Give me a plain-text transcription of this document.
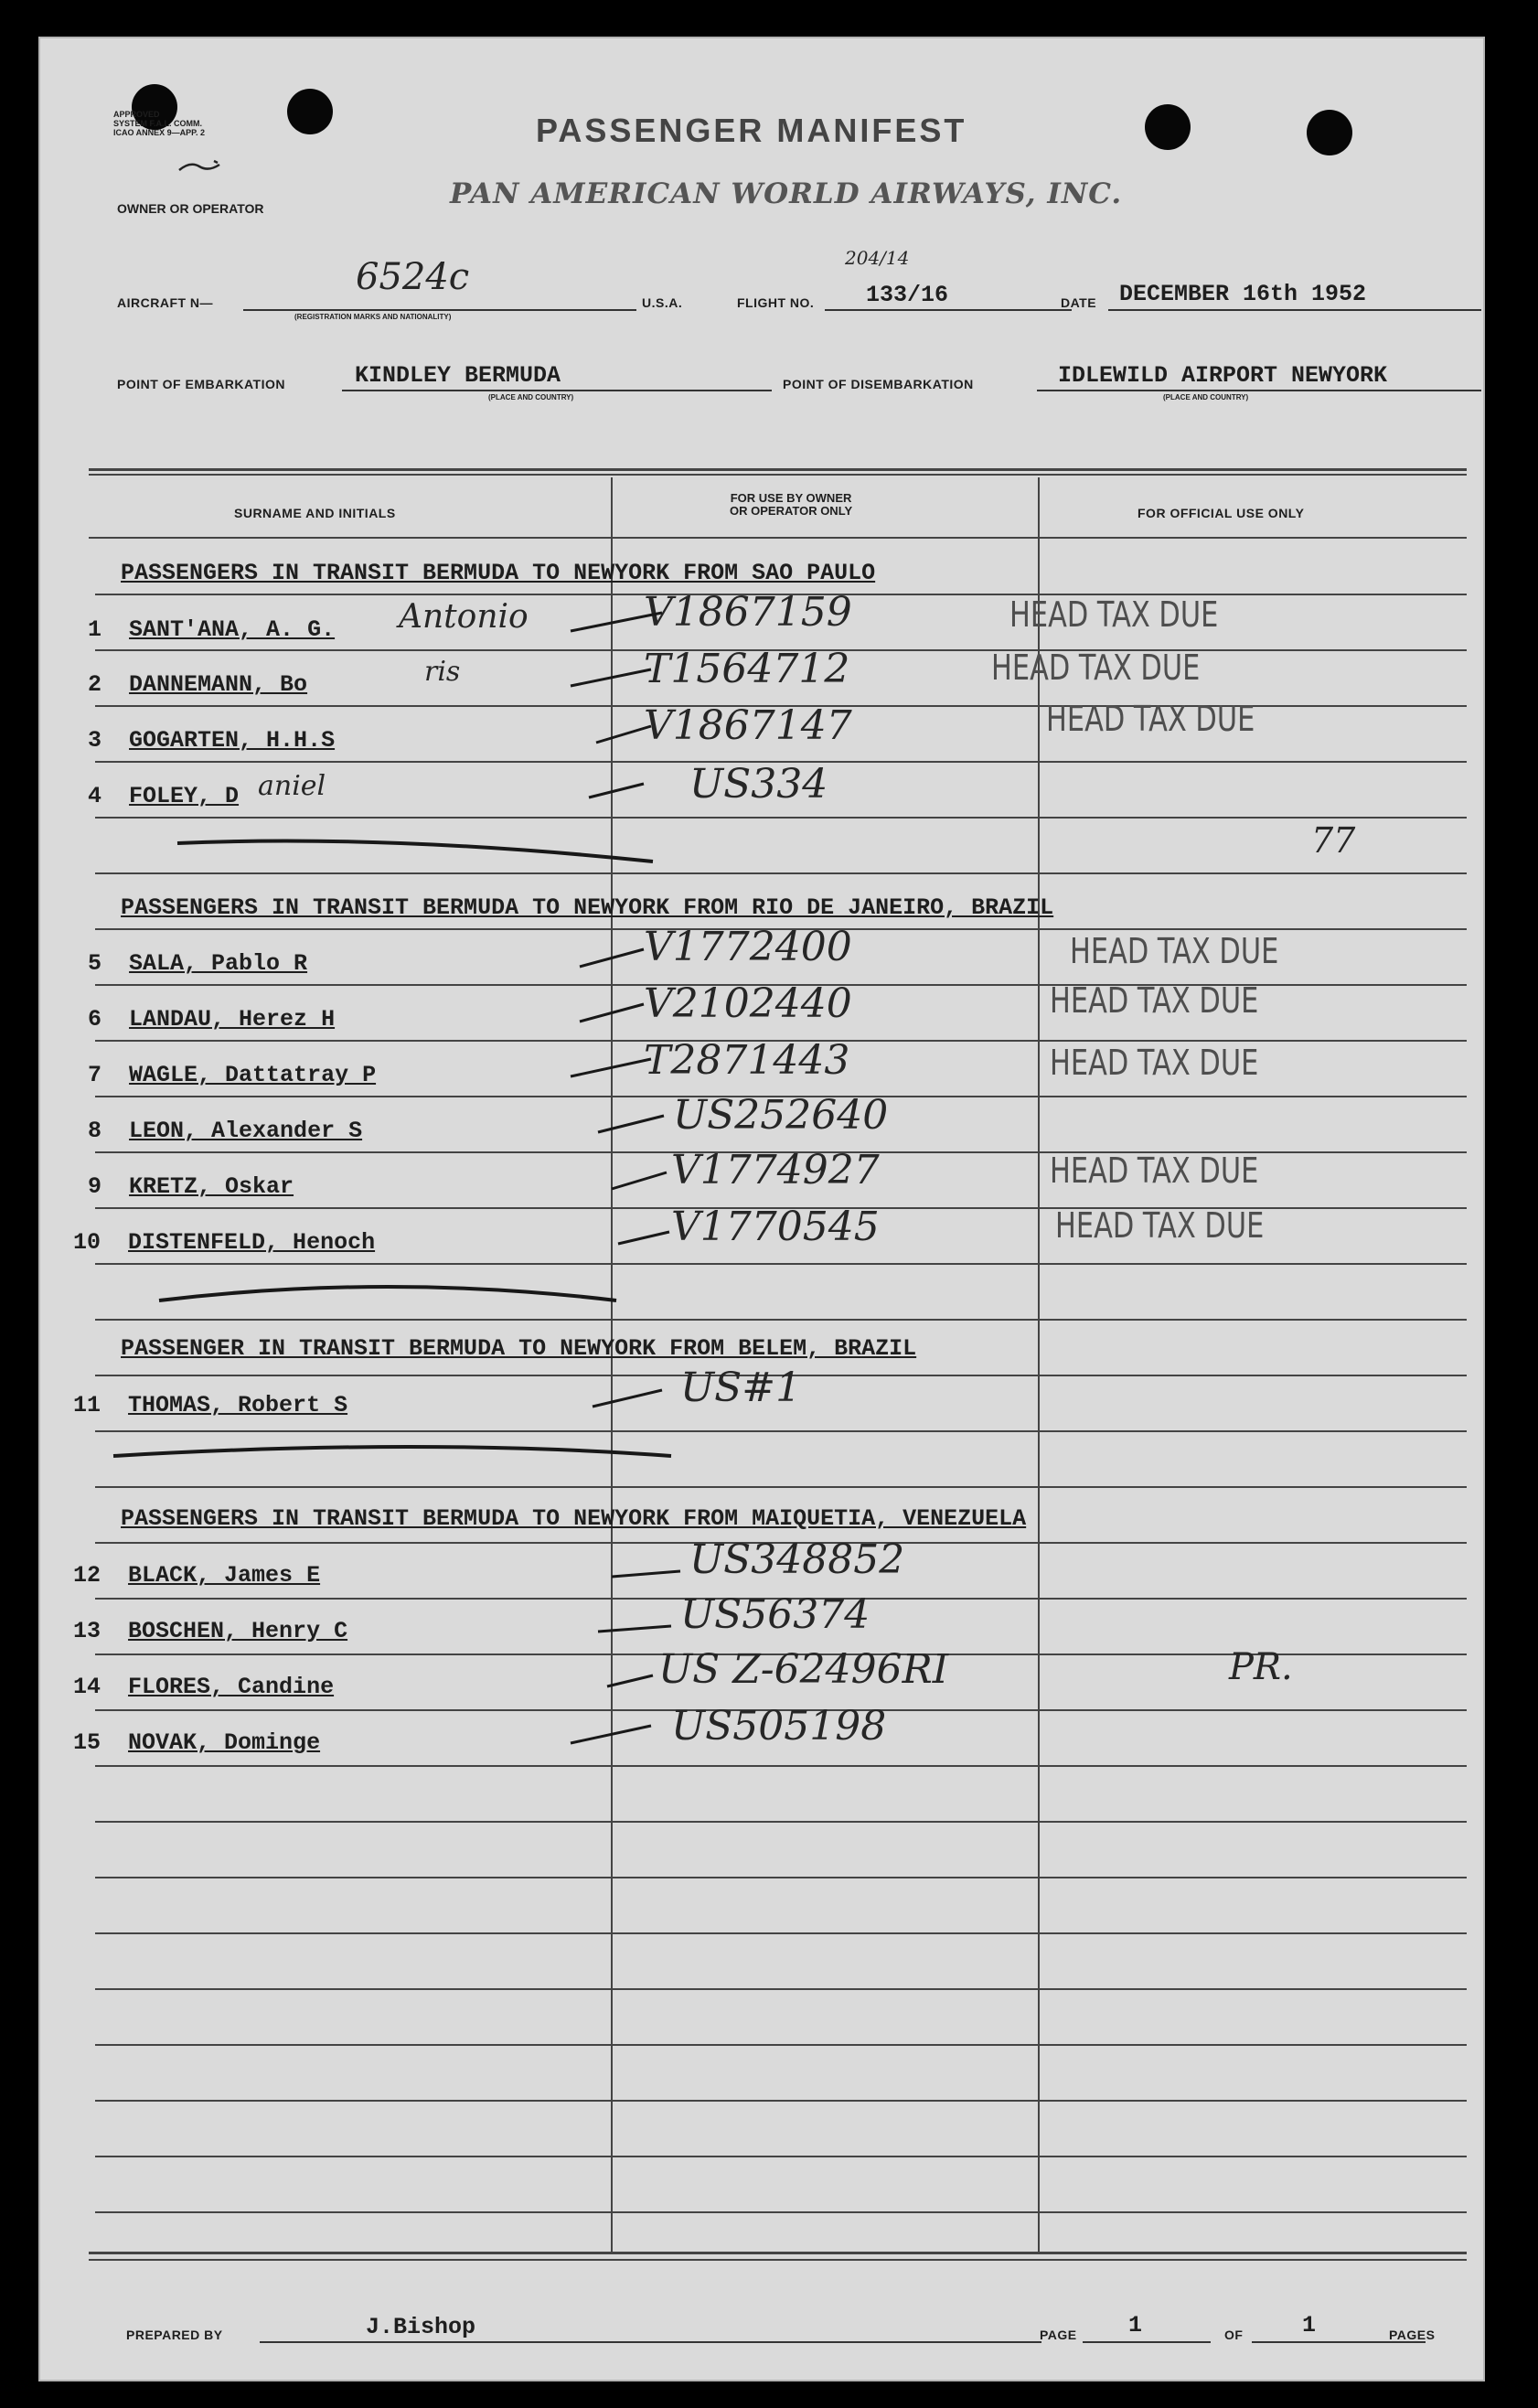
APPROVED
SYSTEM F.A.L. COMM.
ICAO ANNEX 9—APP. 2
OWNER OR OPERATOR
PASSENGER MANIFEST
PAN AMERICAN WORLD AIRWAYS, INC.
AIRCRAFT N—
6524c
(REGISTRATION MARKS AND NATIONALITY)
U.S.A.	FLIGHT NO.
204/14
133/16	DATE DECEMBER 16th 1952
POINT OF EMBARKATION	KINDLEY BERMUDA
(PLACE AND COUNTRY)
POINT OF DISEMBARKATION	IDLEWILD AIRPORT NEWYORK
(PLACE AND COUNTRY)
SURNAME AND INITIALS
FOR USE BY OWNER
OR OPERATOR ONLY	FOR OFFICIAL USE ONLY
PASSENGERS IN TRANSIT BERMUDA TO NEWYORK FROM SAO PAULO
1 SANT'ANA, A. G. Antonio	V1867159	HEAD TAX DUE
2 DANNEMANN, Bo	ris	T1564712	HEAD TAX DUE
3 GOGARTEN, H.H.S	V1867147	HEAD TAX DUE
4 FOLEY, D aniel	US334
77
PASSENGERS IN TRANSIT BERMUDA TO NEWYORK FROM RIO DE JANEIRO, BRAZIL
5 SALA, Pablo R	V1772400	HEAD TAX DUE
6 LANDAU, Herez H	V2102440	HEAD TAX DUE
7 WAGLE, Dattatray P	T2871443	HEAD TAX DUE
8 LEON, Alexander S	US252640
9 KRETZ, Oskar	V1774927	HEAD TAX DUE
10 DISTENFELD, Henoch	V1770545	HEAD TAX DUE
PASSENGER IN TRANSIT BERMUDA TO NEWYORK FROM BELEM, BRAZIL
11 THOMAS, Robert S	US#1
PASSENGERS IN TRANSIT BERMUDA TO NEWYORK FROM MAIQUETIA, VENEZUELA
12 BLACK, James E	US348852
13 BOSCHEN, Henry C	US56374
14 FLORES, Candine	US Z-62496RI	PR.
15 NOVAK, Dominge	US505198
PREPARED BY	J.Bishop	PAGE 1	OF	1	PAGES
